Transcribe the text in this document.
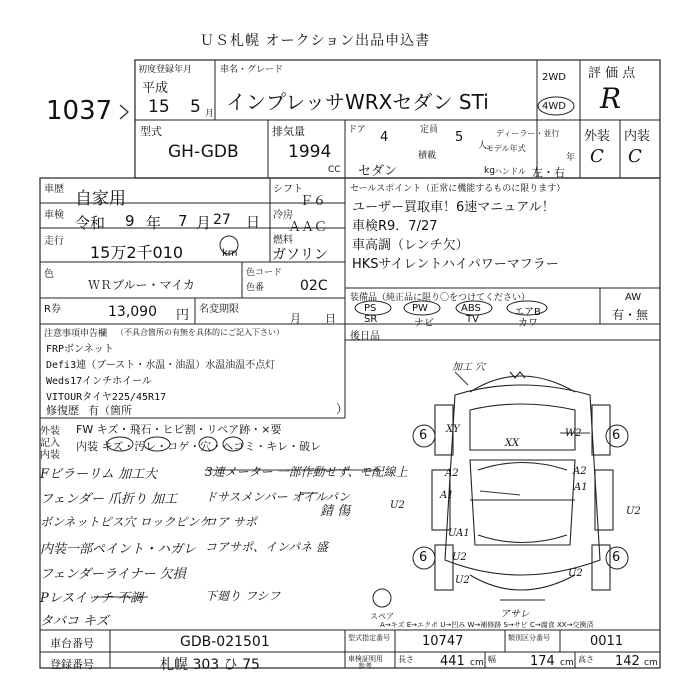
ＵＳ札幌 オークション出品申込書
1037
初度登録年月
平成
15 5 月
車名・グレード
インプレッサWRXセダン STi
2WD
4WD
評 価 点
R
外装 内装
C C
型式
GH-GDB
排気量
1994
CC
ドア 4	定員 5
人
セダン
積載
kg
ディーラー・並行
モデル年式
年
ハンドル 左・右
車歴 自家用
車検 令和 9 年 7 月 27 日
走行
15万2千010	km
シフト
Ｆ６
冷房
ＡＡＣ
燃料
ガソリン
色
ＷＲブルー・マイカ
色コード
色番	02C
R券	13,090 円 名変期限
月 日
セールスポイント（正常に機能するものに限ります）
ユーザー買取車！6速マニュアル！
車検R9．7/27
車高調（レンチ欠）
HKSサイレントハイパワーマフラー
装備品（純正品に限り〇をつけてください）
PS	PW	ABS	エアB
SR	ナビ	TV	カワ
AW
有・無
後日品
注意事項申告欄 （不具合箇所の有無を具体的にご記入下さい）
FRPボンネット
Defi3連（ブースト・水温・油温）水温油温不点灯
Weds17インチホイール
VITOURタイヤ225/45R17
修復歴 有（箇所	）
外装 FW キズ・飛石・ヒビ割・リペア跡・×要
記入
内装
内装 キズ・汚レ・コゲ・穴・ヘコミ・キレ・破レ
Fビラーリム 加工大
フェンダー 爪折り 加工
ボンネットピス穴 ロックピンケ
内装一部ペイント・ハガレ
フェンダーライナー 欠損
Pレスイッチ 不調
タバコ キズ
3連メーター 一部作動せず、モ配線上
ドサスメンバー オイルパン
ロア サポ
コアサポ、インパネ 盛
下廻り フシフ
錆 傷
加工 穴
6	6
6	6
XY
XX
W2
A2
A1
UA1
U2
U2
U2
A2
A1
U2
U2
アサレ
スペア
A→キズ E→エクボ U→凹み W→補修跡 S→サビ C→腐食 XX→交換済
車台番号	GDB-021501
登録番号	札幌 303 ひ 75
型式指定番号 10747	類別区分番号	0011
車検証明用
参考
長さ 441 cm 幅	174 cm 高さ 142 cm
